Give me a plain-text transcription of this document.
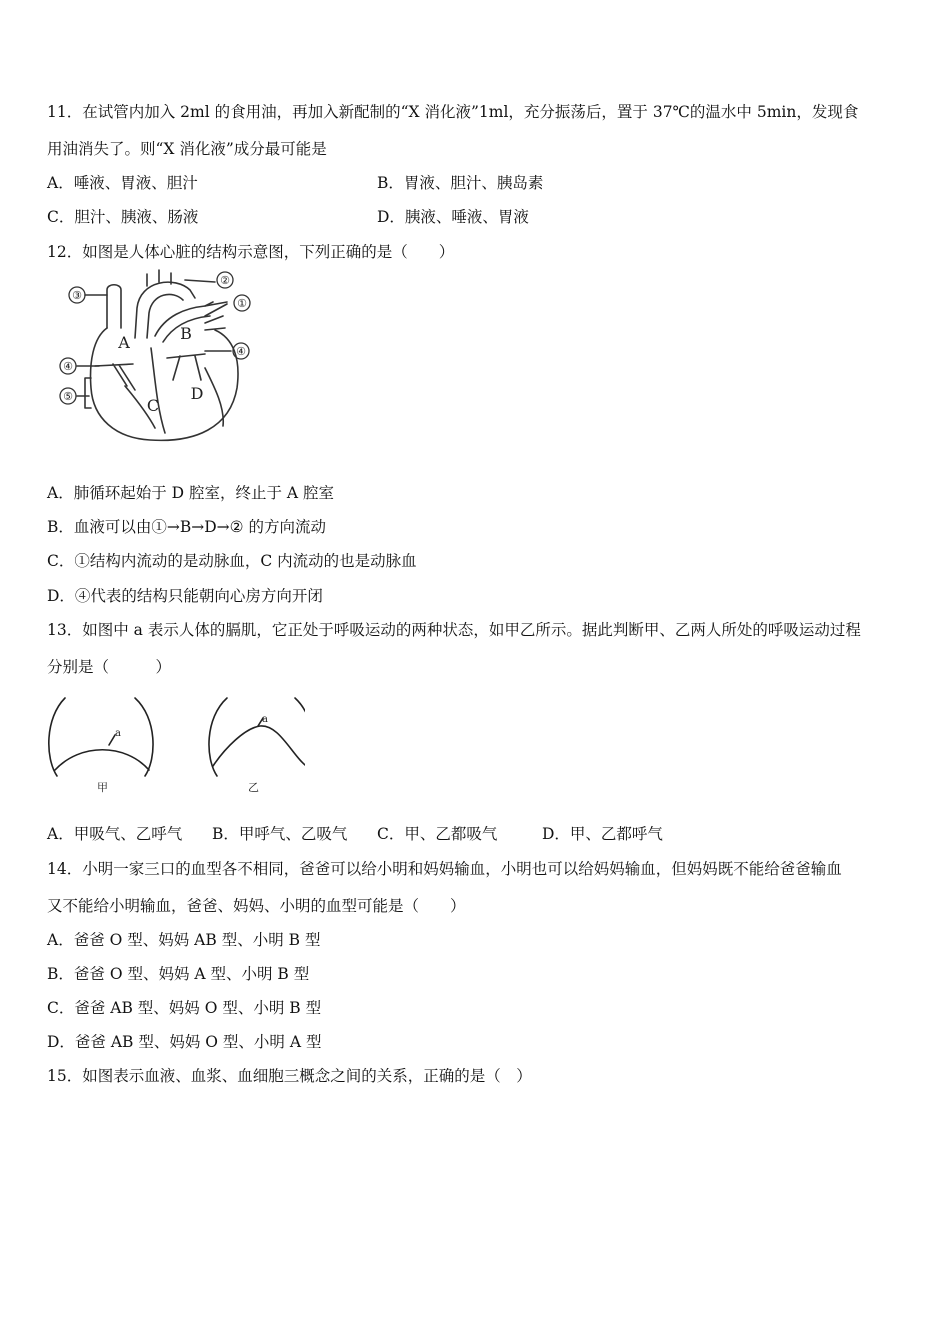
11．在试管内加入 2ml 的食用油，再加入新配制的“X 消化液”1ml，充分振荡后，置于 37℃的温水中 5min，发现食
用油消失了。则“X 消化液”成分最可能是
A．唾液、胃液、胆汁	B．胃液、胆汁、胰岛素
C．胆汁、胰液、肠液	D．胰液、唾液、胃液
12．如图是人体心脏的结构示意图，下列正确的是（　　）
③
②
①
④
④
⑤
A	B
C
D
A．肺循环起始于 D 腔室，终止于 A 腔室
B．血液可以由①→B→D→② 的方向流动
C．①结构内流动的是动脉血，C 内流动的也是动脉血
D．④代表的结构只能朝向心房方向开闭
13．如图中 a 表示人体的膈肌，它正处于呼吸运动的两种状态，如甲乙所示。据此判断甲、乙两人所处的呼吸运动过程
分别是（　　　）
a
a
甲	乙
A．甲吸气、乙呼气 B．甲呼气、乙吸气 C．甲、乙都吸气	D．甲、乙都呼气
14．小明一家三口的血型各不相同，爸爸可以给小明和妈妈输血，小明也可以给妈妈输血，但妈妈既不能给爸爸输血
又不能给小明输血，爸爸、妈妈、小明的血型可能是（　　）
A．爸爸 O 型、妈妈 AB 型、小明 B 型
B．爸爸 O 型、妈妈 A 型、小明 B 型
C．爸爸 AB 型、妈妈 O 型、小明 B 型
D．爸爸 AB 型、妈妈 O 型、小明 A 型
15．如图表示血液、血浆、血细胞三概念之间的关系，正确的是（　）
